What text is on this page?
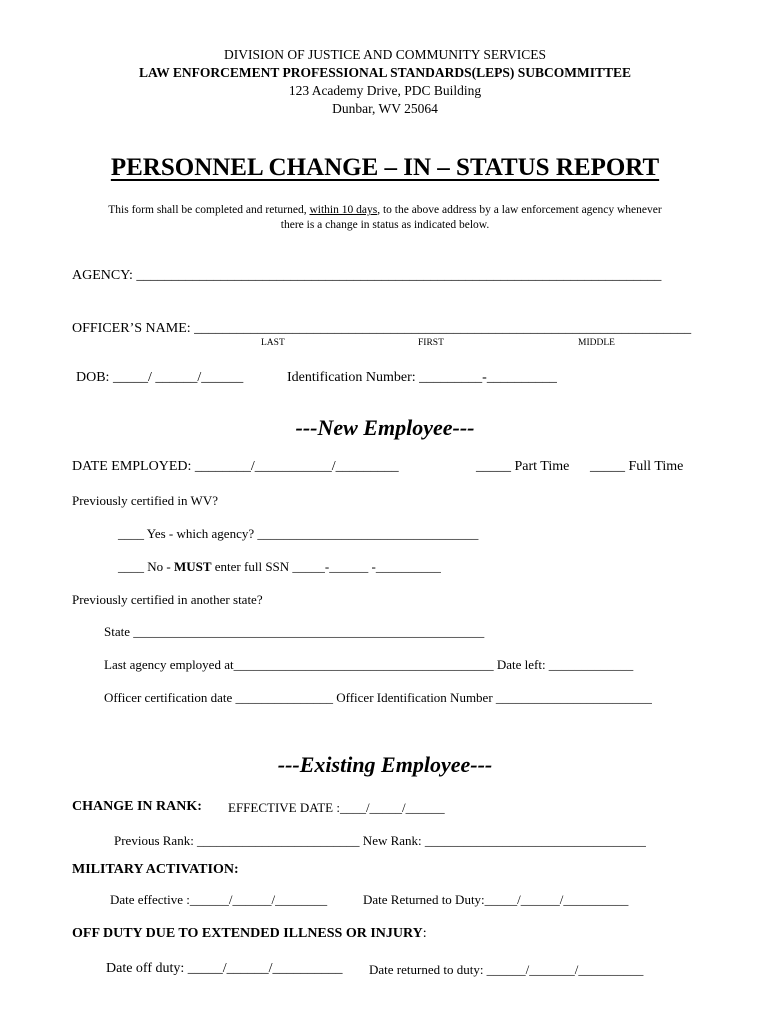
DIVISION OF JUSTICE AND COMMUNITY SERVICES
LAW ENFORCEMENT PROFESSIONAL STANDARDS(LEPS) SUBCOMMITTEE
123 Academy Drive, PDC Building
Dunbar, WV 25064
PERSONNEL CHANGE – IN – STATUS REPORT
This form shall be completed and returned, within 10 days, to the above address by a law enforcement agency whenever
there is a change in status as indicated below.
AGENCY: ___________________________________________________________________________
OFFICER’S NAME: _______________________________________________________________________
LAST	FIRST	MIDDLE
DOB: _____/ ______/______	Identification Number: _________-__________
---New Employee---
DATE EMPLOYED: ________/___________/_________	_____ Part Time _____ Full Time
Previously certified in WV?
____ Yes - which agency? __________________________________
____ No - MUST enter full SSN _____-______ -__________
Previously certified in another state?
State ______________________________________________________
Last agency employed at________________________________________ Date left: _____________
Officer certification date _______________ Officer Identification Number ________________________
---Existing Employee---
CHANGE IN RANK: EFFECTIVE DATE :____/_____/______
Previous Rank: _________________________ New Rank: __________________________________
MILITARY ACTIVATION:
Date effective :______/______/________	Date Returned to Duty:_____/______/__________
OFF DUTY DUE TO EXTENDED ILLNESS OR INJURY:
Date off duty: _____/______/__________ Date returned to duty: ______/_______/__________
